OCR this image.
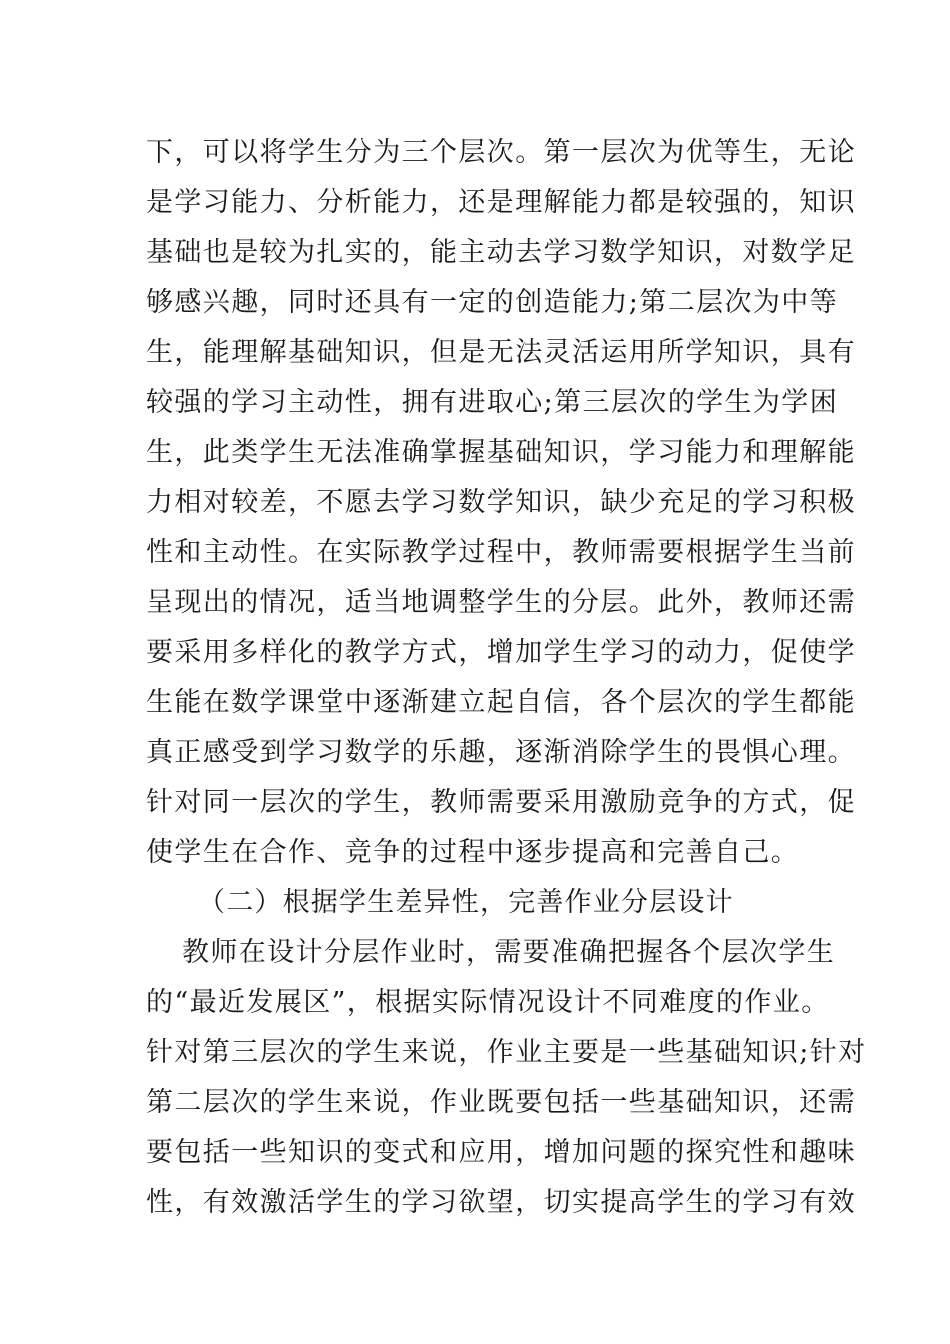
下，可以将学生分为三个层次。第一层次为优等生，无论
是学习能力、分析能力，还是理解能力都是较强的，知识
基础也是较为扎实的，能主动去学习数学知识，对数学足
够感兴趣，同时还具有一定的创造能力;第二层次为中等
生，能理解基础知识，但是无法灵活运用所学知识，具有
较强的学习主动性，拥有进取心;第三层次的学生为学困
生，此类学生无法准确掌握基础知识，学习能力和理解能
力相对较差，不愿去学习数学知识，缺少充足的学习积极
性和主动性。在实际教学过程中，教师需要根据学生当前
呈现出的情况，适当地调整学生的分层。此外，教师还需
要采用多样化的教学方式，增加学生学习的动力，促使学
生能在数学课堂中逐渐建立起自信，各个层次的学生都能
真正感受到学习数学的乐趣，逐渐消除学生的畏惧心理。
针对同一层次的学生，教师需要采用激励竞争的方式，促
使学生在合作、竞争的过程中逐步提高和完善自己。
（二）根据学生差异性，完善作业分层设计
教师在设计分层作业时，需要准确把握各个层次学生
的“最近发展区”，根据实际情况设计不同难度的作业。
针对第三层次的学生来说，作业主要是一些基础知识;针对
第二层次的学生来说，作业既要包括一些基础知识，还需
要包括一些知识的变式和应用，增加问题的探究性和趣味
性，有效激活学生的学习欲望，切实提高学生的学习有效
